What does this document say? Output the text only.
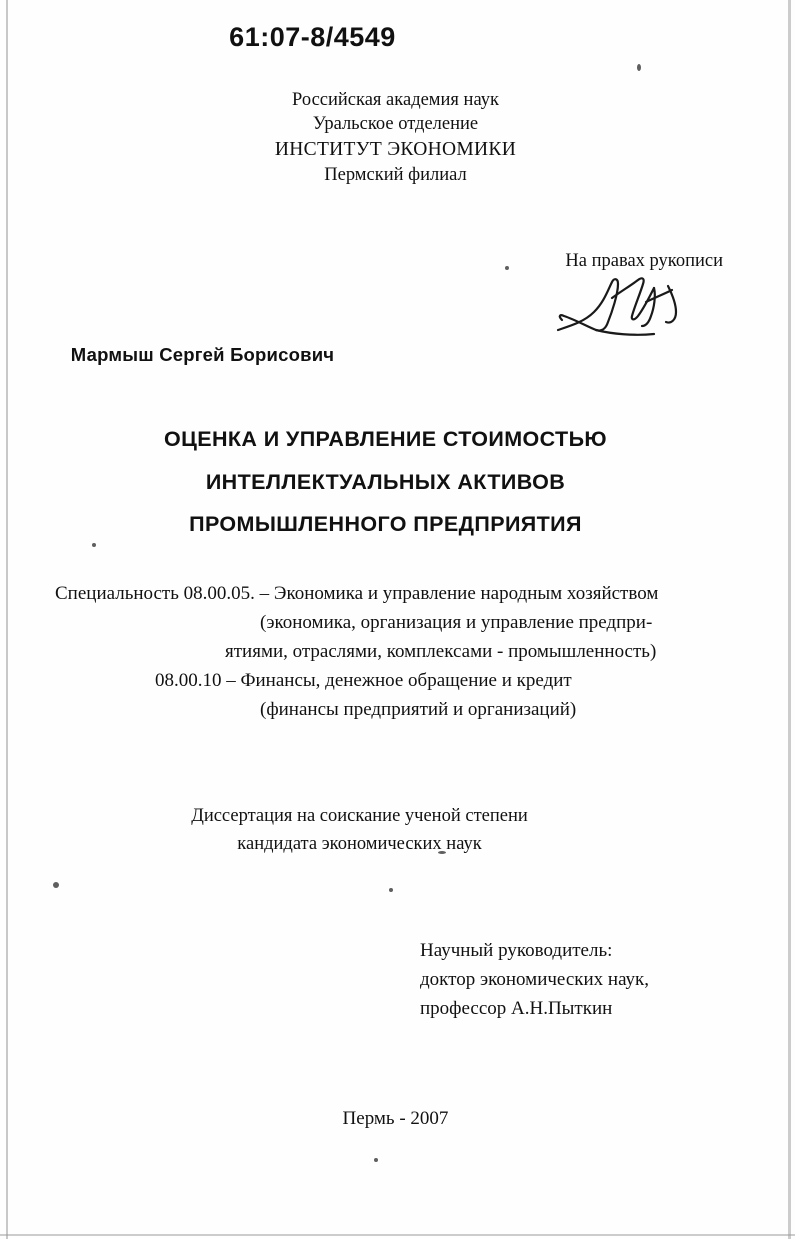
61:07-8/4549
Российская академия наук
Уральское отделение
ИНСТИТУТ ЭКОНОМИКИ
Пермский филиал
На правах рукописи
Мармыш Сергей Борисович
ОЦЕНКА И УПРАВЛЕНИЕ СТОИМОСТЬЮ
ИНТЕЛЛЕКТУАЛЬНЫХ АКТИВОВ
ПРОМЫШЛЕННОГО ПРЕДПРИЯТИЯ
Специальность 08.00.05. – Экономика и управление народным хозяйством
(экономика, организация и управление предпри-
ятиями, отраслями, комплексами - промышленность)
08.00.10 – Финансы, денежное обращение и кредит
(финансы предприятий и организаций)
Диссертация на соискание ученой степени
кандидата экономических наук
Научный руководитель:
доктор экономических наук,
профессор А.Н.Пыткин
Пермь - 2007
